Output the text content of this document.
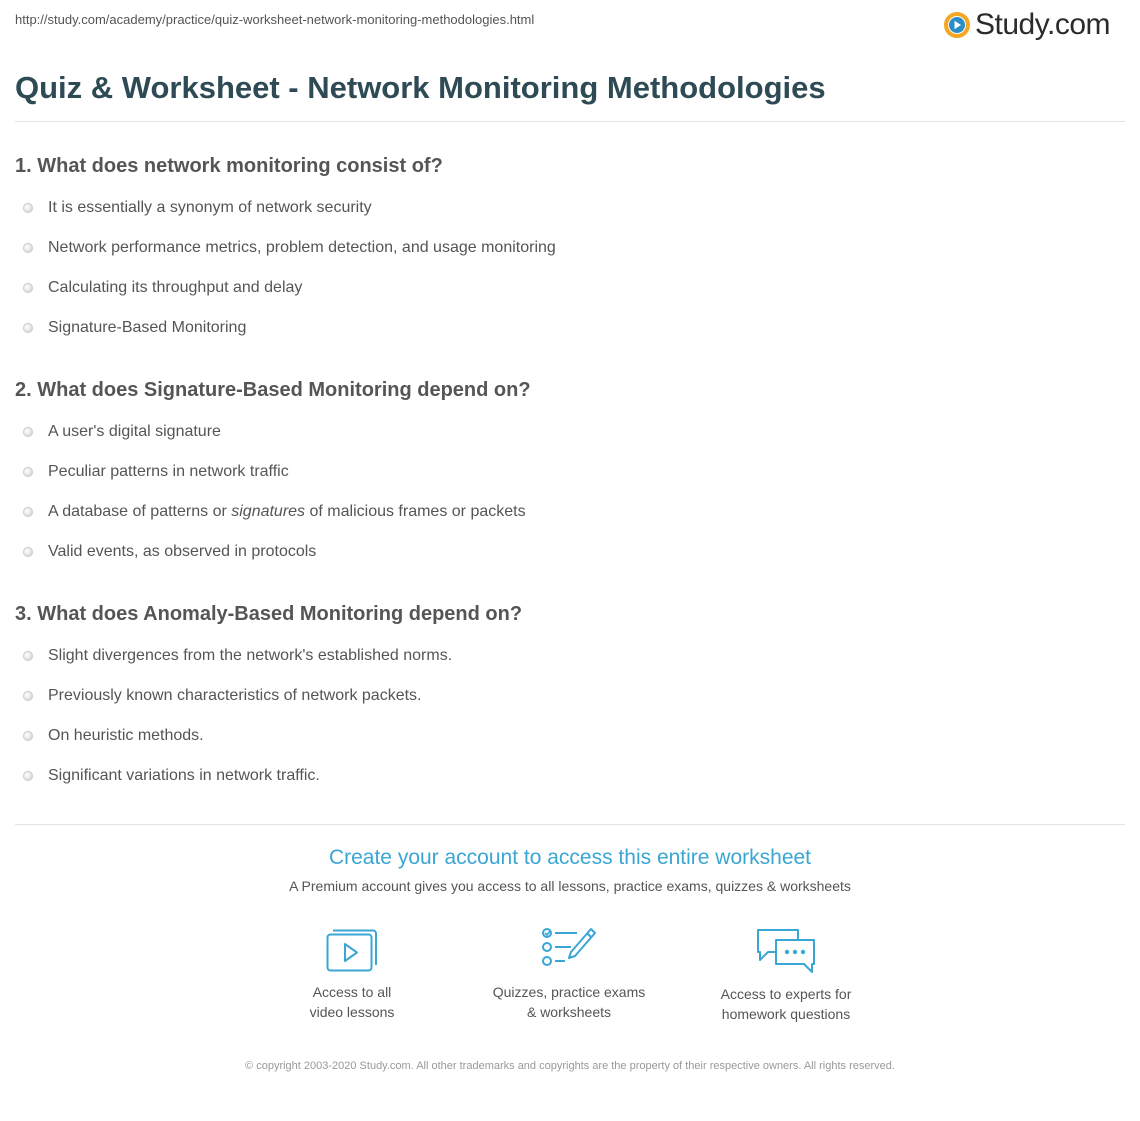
http://study.com/academy/practice/quiz-worksheet-network-monitoring-methodologies.html	Study.com
Quiz & Worksheet - Network Monitoring Methodologies
1. What does network monitoring consist of?
It is essentially a synonym of network security
Network performance metrics, problem detection, and usage monitoring
Calculating its throughput and delay
Signature-Based Monitoring
2. What does Signature-Based Monitoring depend on?
A user's digital signature
Peculiar patterns in network traffic
A database of patterns or signatures of malicious frames or packets
Valid events, as observed in protocols
3. What does Anomaly-Based Monitoring depend on?
Slight divergences from the network's established norms.
Previously known characteristics of network packets.
On heuristic methods.
Significant variations in network traffic.
Create your account to access this entire worksheet
A Premium account gives you access to all lessons, practice exams, quizzes & worksheets
Access to all
video lessons
Quizzes, practice exams
& worksheets
Access to experts for
homework questions
© copyright 2003-2020 Study.com. All other trademarks and copyrights are the property of their respective owners. All rights reserved.
